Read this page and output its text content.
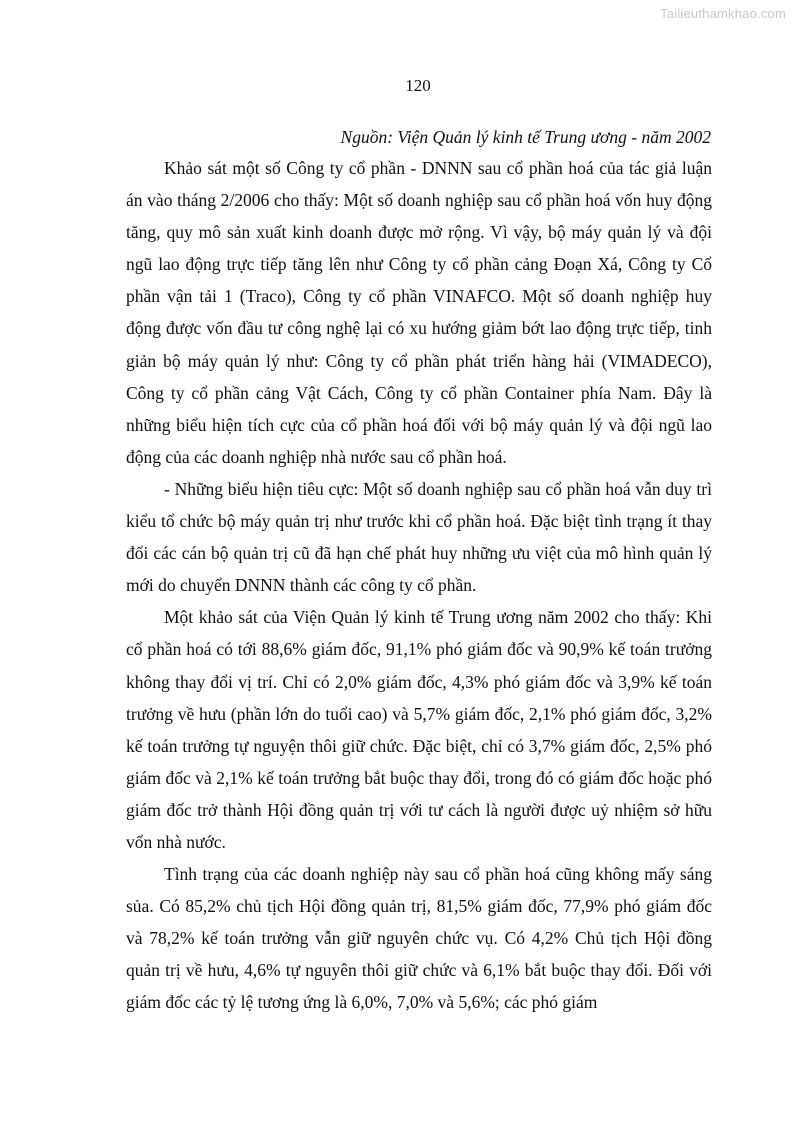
Tailieuthamkhao.com
120
Nguồn: Viện Quản lý kinh tế Trung ương - năm 2002

Khảo sát một số Công ty cổ phần - DNNN sau cổ phần hoá của tác giả luận án vào tháng 2/2006 cho thấy: Một số doanh nghiệp sau cổ phần hoá vốn huy động tăng, quy mô sản xuất kinh doanh được mở rộng. Vì vậy, bộ máy quản lý và đội ngũ lao động trực tiếp tăng lên như Công ty cổ phần cảng Đoạn Xá, Công ty Cổ phần vận tải 1 (Traco), Công ty cổ phần VINAFCO. Một số doanh nghiệp huy động được vốn đầu tư công nghệ lại có xu hướng giảm bớt lao động trực tiếp, tinh giản bộ máy quản lý như: Công ty cổ phần phát triển hàng hải (VIMADECO), Công ty cổ phần cảng Vật Cách, Công ty cổ phần Container phía Nam. Đây là những biểu hiện tích cực của cổ phần hoá đối với bộ máy quản lý và đội ngũ lao động của các doanh nghiệp nhà nước sau cổ phần hoá.

- Những biểu hiện tiêu cực: Một số doanh nghiệp sau cổ phần hoá vẫn duy trì kiểu tổ chức bộ máy quản trị như trước khi cổ phần hoá. Đặc biệt tình trạng ít thay đổi các cán bộ quản trị cũ đã hạn chế phát huy những ưu việt của mô hình quản lý mới do chuyển DNNN thành các công ty cổ phần.

Một khảo sát của Viện Quản lý kinh tế Trung ương năm 2002 cho thấy: Khi cổ phần hoá có tới 88,6% giám đốc, 91,1% phó giám đốc và 90,9% kế toán trưởng không thay đổi vị trí. Chỉ có 2,0% giám đốc, 4,3% phó giám đốc và 3,9% kế toán trưởng về hưu (phần lớn do tuổi cao) và 5,7% giám đốc, 2,1% phó giám đốc, 3,2% kế toán trưởng tự nguyện thôi giữ chức. Đặc biệt, chỉ có 3,7% giám đốc, 2,5% phó giám đốc và 2,1% kế toán trưởng bắt buộc thay đổi, trong đó có giám đốc hoặc phó giám đốc trở thành Hội đồng quản trị với tư cách là người được uỷ nhiệm sở hữu vốn nhà nước.

Tình trạng của các doanh nghiệp này sau cổ phần hoá cũng không mấy sáng sủa. Có 85,2% chủ tịch Hội đồng quản trị, 81,5% giám đốc, 77,9% phó giám đốc và 78,2% kế toán trưởng vẫn giữ nguyên chức vụ. Có 4,2% Chủ tịch Hội đồng quản trị về hưu, 4,6% tự nguyên thôi giữ chức và 6,1% bắt buộc thay đổi. Đối với giám đốc các tỷ lệ tương ứng là 6,0%, 7,0% và 5,6%; các phó giám
